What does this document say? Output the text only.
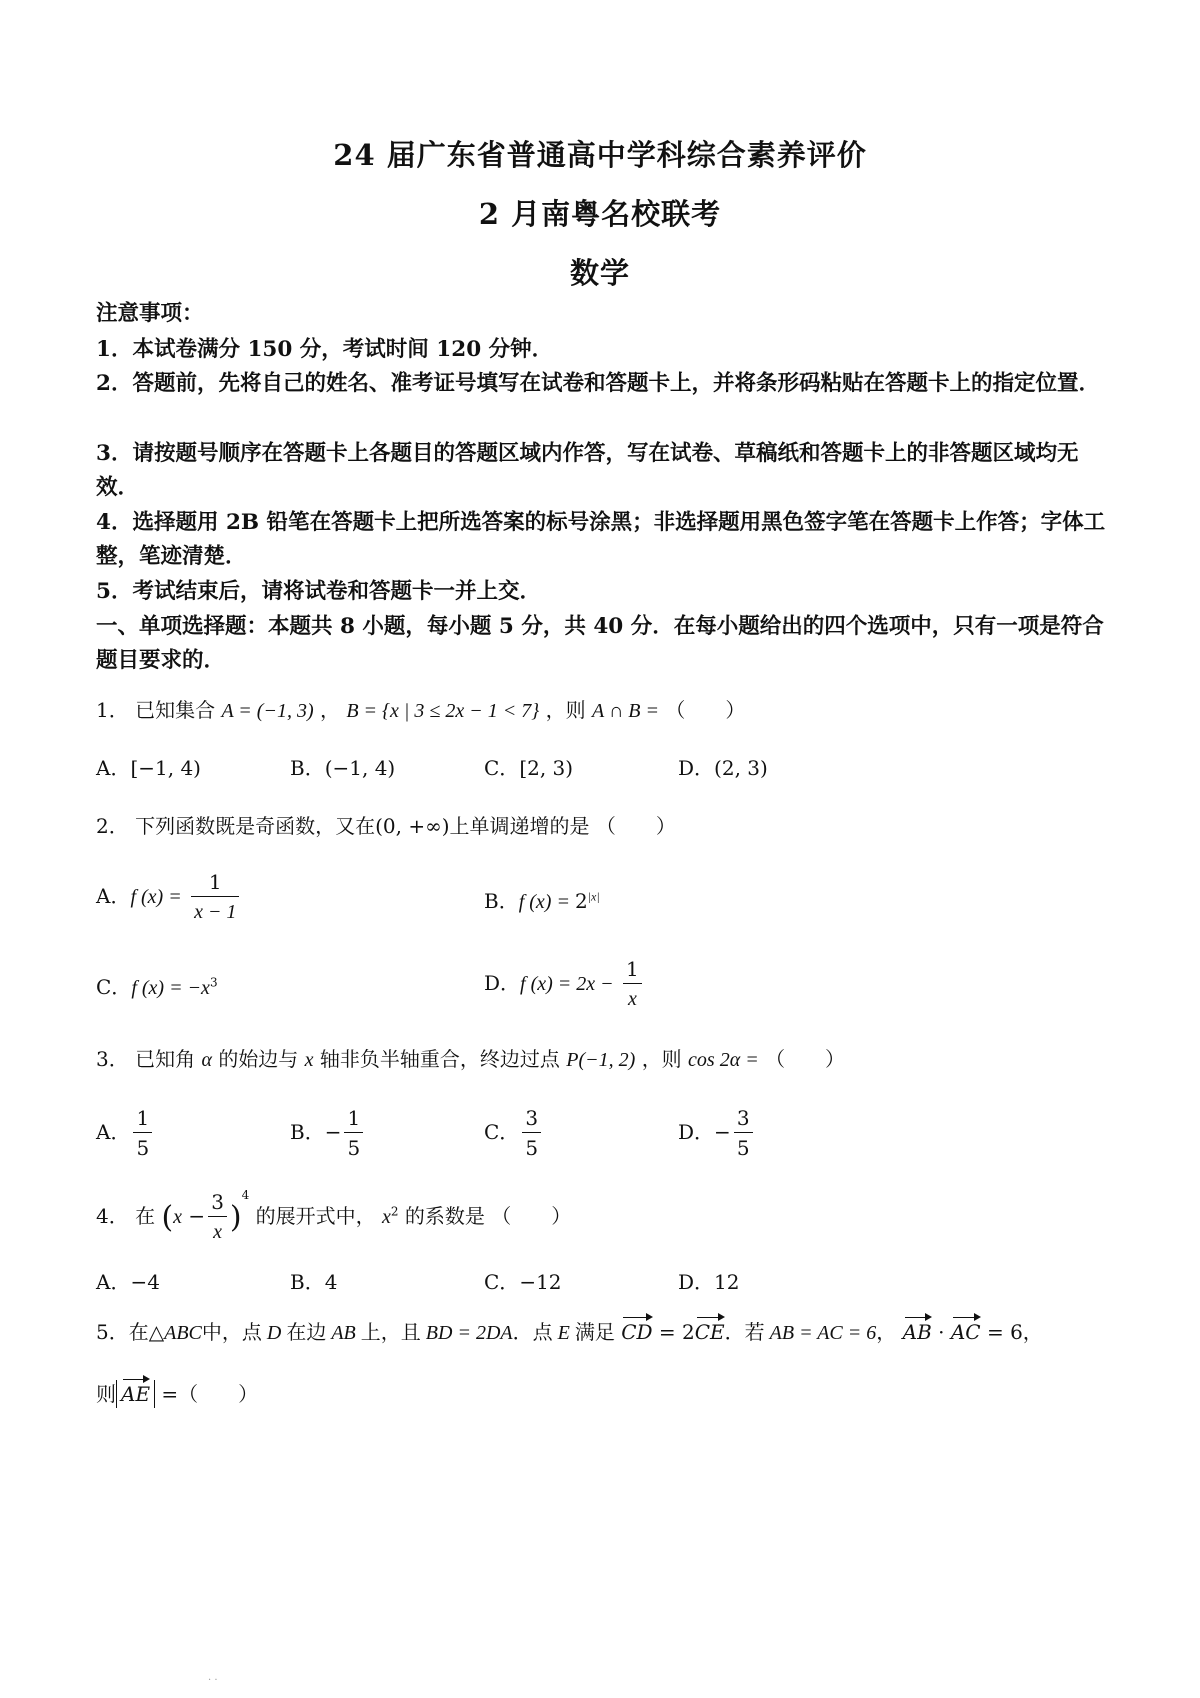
24 届广东省普通高中学科综合素养评价
2 月南粤名校联考
数学
注意事项：
1．本试卷满分 150 分，考试时间 120 分钟．
2．答题前，先将自己的姓名、准考证号填写在试卷和答题卡上，并将条形码粘贴在答题卡上的指定位置．
3．请按题号顺序在答题卡上各题目的答题区域内作答，写在试卷、草稿纸和答题卡上的非答题区域均无效．
4．选择题用 2B 铅笔在答题卡上把所选答案的标号涂黑；非选择题用黑色签字笔在答题卡上作答；字体工整，笔迹清楚．
5．考试结束后，请将试卷和答题卡一并上交．
一、单项选择题：本题共 8 小题，每小题 5 分，共 40 分．在每小题给出的四个选项中，只有一项是符合题目要求的．
1． 已知集合 A = (−1, 3) ， B = {x | 3 ≤ 2x − 1 < 7} ，则 A ∩ B = （　　）
A．[−1, 4)	B．(−1, 4)	C．[2, 3)	D．(2, 3)
2． 下列函数既是奇函数，又在(0, +∞)上单调递增的是 （　　）
A．f $(x) = \frac{1}{x - 1}$	B．f $(x) = 2^{|x|}$
C．f $(x) = -x^3$	D．f $(x) = 2x - \frac{1}{x}$
3． 已知角 α 的始边与 x 轴非负半轴重合，终边过点 P(−1, 2) ，则 cos 2α = （　　）
A． $\frac{1}{5}$	B．− $\frac{1}{5}$	C． $\frac{3}{5}$	D．− $\frac{3}{5}$
4． 在 $(x - \frac{3}{x} )^4$ 的展开式中， $x^2$ 的系数是 （　　）
A．−4	B．4	C．−12	D．12
5．在△ABC中，点 D 在边 AB 上，且 BD = 2DA．点 E 满足 CD = 2CE．若 AB = AC = 6， AB · AC = 6，
则 AE =（　　）
. .
